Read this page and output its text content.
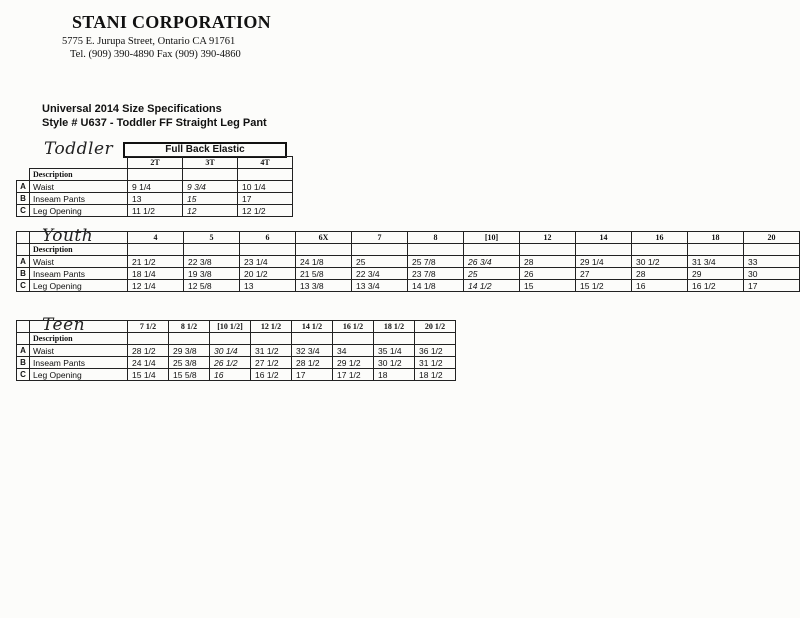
STANI CORPORATION
5775 E. Jurupa Street, Ontario CA 91761
Tel. (909) 390-4890 Fax (909) 390-4860
Universal 2014 Size Specifications
Style # U637 - Toddler FF Straight Leg Pant
Toddler	Full Back Elastic
		2T	3T	4T
	Description			
A	Waist	9 1/4	9 3/4	10 1/4
B	Inseam Pants	13	15	17
C	Leg Opening	11 1/2	12	12 1/2
		4	5	6	6X	7	8	[10]	12	14	16	18	20
	Description												
A	Waist	21 1/2	22 3/8	23 1/4	24 1/8	25	25 7/8	26 3/4	28	29 1/4	30 1/2	31 3/4	33
B	Inseam Pants	18 1/4	19 3/8	20 1/2	21 5/8	22 3/4	23 7/8	25	26	27	28	29	30
C	Leg Opening	12 1/4	12 5/8	13	13 3/8	13 3/4	14 1/8	14 1/2	15	15 1/2	16	16 1/2	17
Youth
		7 1/2	8 1/2	[10 1/2]	12 1/2	14 1/2	16 1/2	18 1/2	20 1/2
	Description								
A	Waist	28 1/2	29 3/8	30 1/4	31 1/2	32 3/4	34	35 1/4	36 1/2
B	Inseam Pants	24 1/4	25 3/8	26 1/2	27 1/2	28 1/2	29 1/2	30 1/2	31 1/2
C	Leg Opening	15 1/4	15 5/8	16	16 1/2	17	17 1/2	18	18 1/2
Teen
